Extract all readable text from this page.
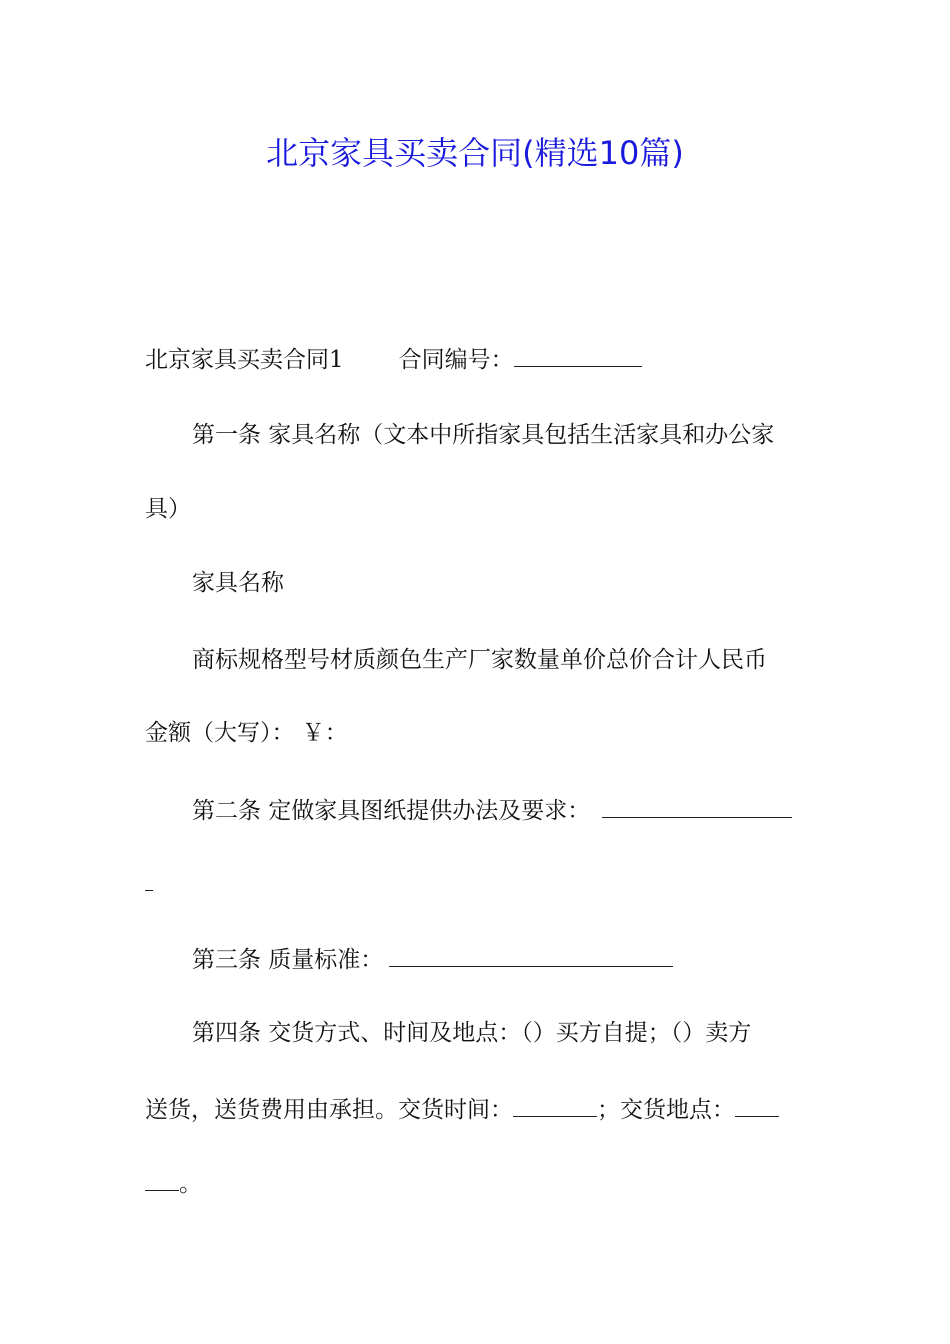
北京家具买卖合同(精选10篇)
北京家具买卖合同1 合同编号：
第一条 家具名称（文本中所指家具包括生活家具和办公家
具）
家具名称
商标规格型号材质颜色生产厂家数量单价总价合计人民币
金额（大写）： ￥：
第二条 定做家具图纸提供办法及要求：
第三条 质量标准：
第四条 交货方式、时间及地点：（）买方自提；（）卖方
送货，送货费用由承担。交货时间：	；交货地点：
。
